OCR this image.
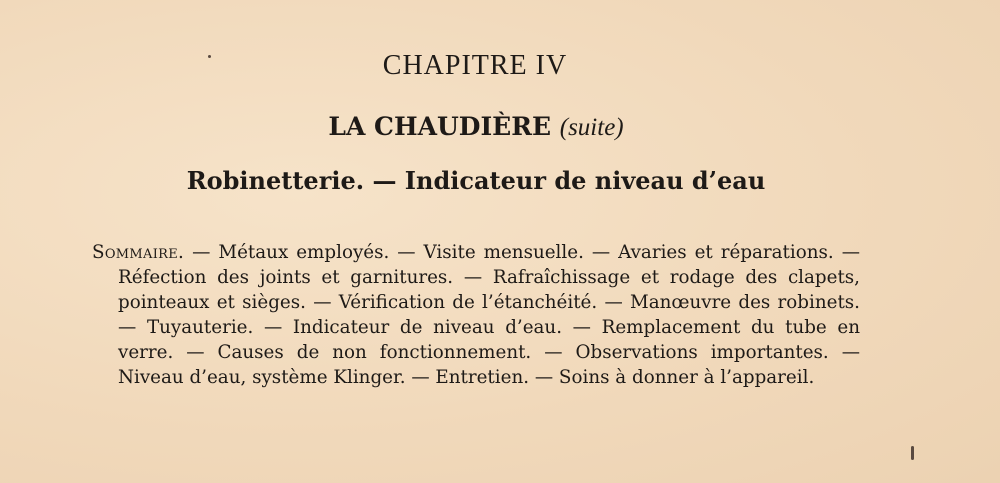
CHAPITRE IV
LA CHAUDIÈRE (suite)
Robinetterie. — Indicateur de niveau d’eau

Sommaire. — Métaux employés. — Visite mensuelle. — Avaries et réparations. — Réfection des joints et garnitures. — Rafraîchissage et rodage des clapets, pointeaux et sièges. — Vérification de l’étanchéité. — Manœuvre des robinets. — Tuyauterie. — Indicateur de niveau d’eau. — Remplacement du tube en verre. — Causes de non fonctionnement. — Observations importantes. — Niveau d’eau, système Klinger. — Entretien. — Soins à donner à l’appareil.
